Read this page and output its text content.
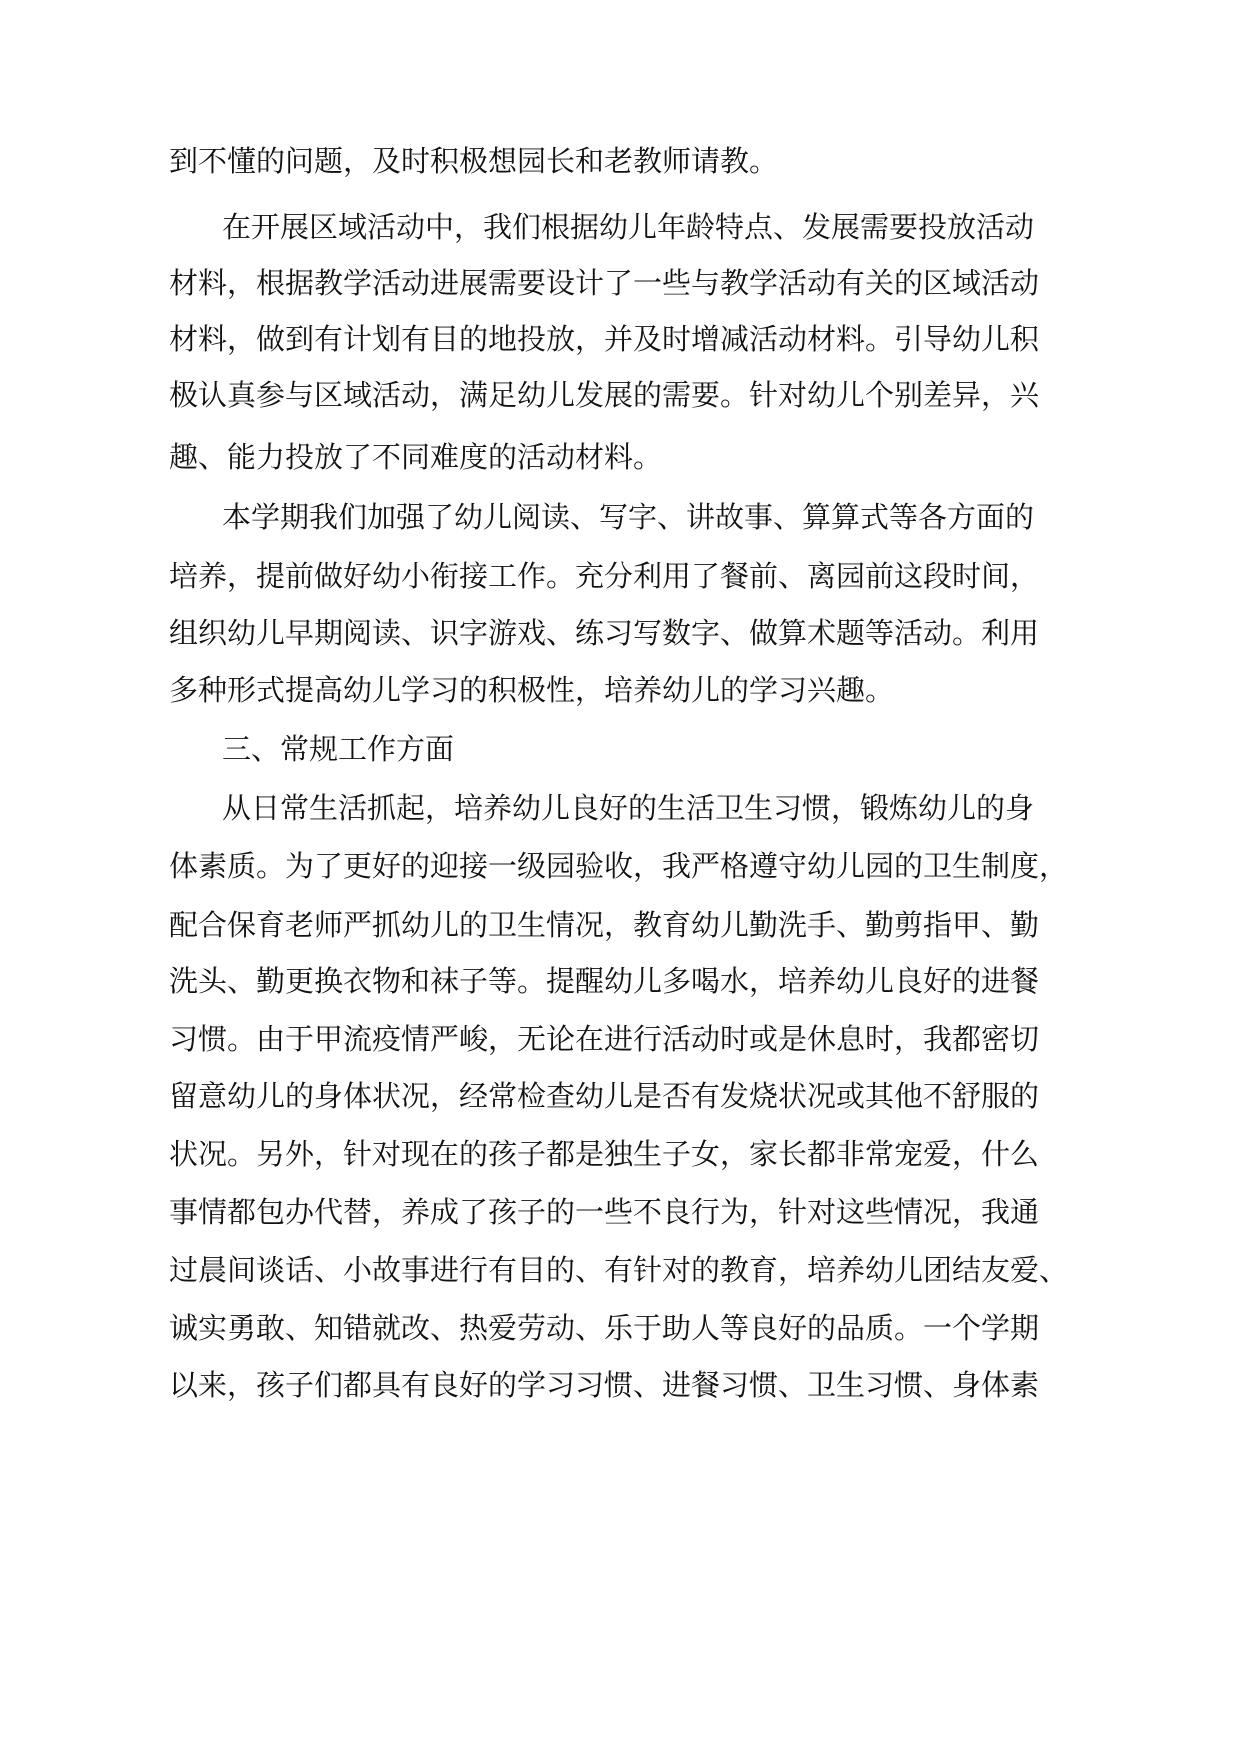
到不懂的问题，及时积极想园长和老教师请教。
在开展区域活动中，我们根据幼儿年龄特点、发展需要投放活动
材料，根据教学活动进展需要设计了一些与教学活动有关的区域活动
材料，做到有计划有目的地投放，并及时增减活动材料。引导幼儿积
极认真参与区域活动，满足幼儿发展的需要。针对幼儿个别差异，兴
趣、能力投放了不同难度的活动材料。
本学期我们加强了幼儿阅读、写字、讲故事、算算式等各方面的
培养，提前做好幼小衔接工作。充分利用了餐前、离园前这段时间，
组织幼儿早期阅读、识字游戏、练习写数字、做算术题等活动。利用
多种形式提高幼儿学习的积极性，培养幼儿的学习兴趣。
三、常规工作方面
从日常生活抓起，培养幼儿良好的生活卫生习惯，锻炼幼儿的身
体素质。为了更好的迎接一级园验收，我严格遵守幼儿园的卫生制度，
配合保育老师严抓幼儿的卫生情况，教育幼儿勤洗手、勤剪指甲、勤
洗头、勤更换衣物和袜子等。提醒幼儿多喝水，培养幼儿良好的进餐
习惯。由于甲流疫情严峻，无论在进行活动时或是休息时，我都密切
留意幼儿的身体状况，经常检查幼儿是否有发烧状况或其他不舒服的
状况。另外，针对现在的孩子都是独生子女，家长都非常宠爱，什么
事情都包办代替，养成了孩子的一些不良行为，针对这些情况，我通
过晨间谈话、小故事进行有目的、有针对的教育，培养幼儿团结友爱、
诚实勇敢、知错就改、热爱劳动、乐于助人等良好的品质。一个学期
以来，孩子们都具有良好的学习习惯、进餐习惯、卫生习惯、身体素
